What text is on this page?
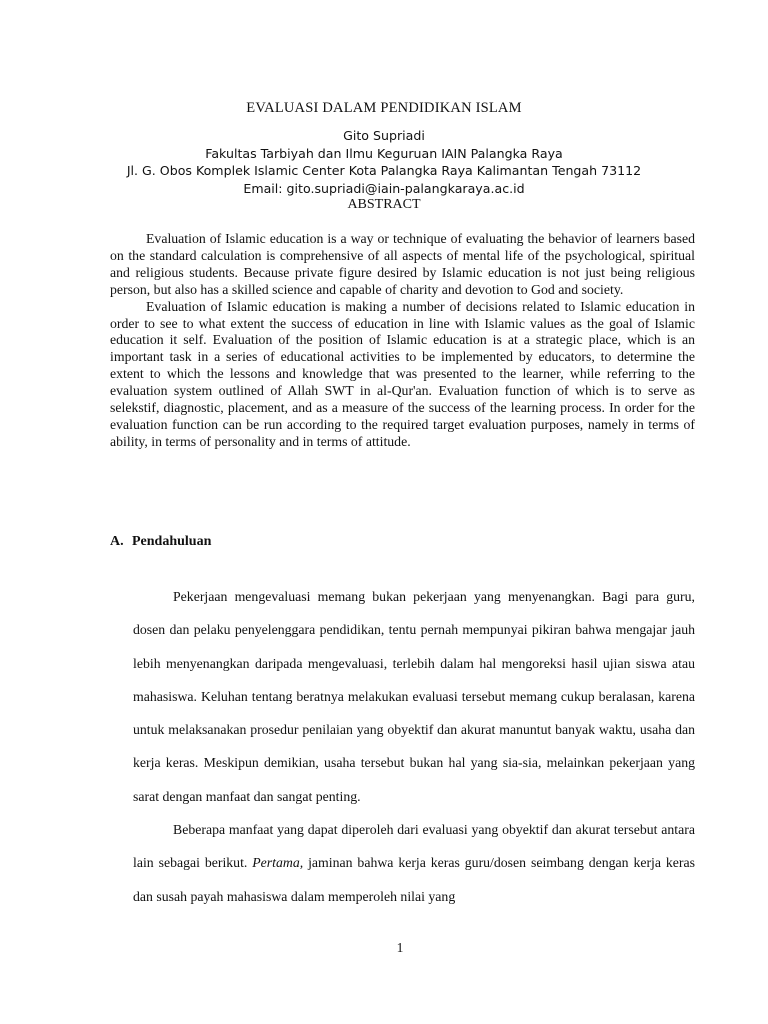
EVALUASI DALAM PENDIDIKAN ISLAM
Gito Supriadi
Fakultas Tarbiyah dan Ilmu Keguruan IAIN Palangka Raya
Jl. G. Obos Komplek Islamic Center Kota Palangka Raya Kalimantan Tengah 73112
Email: gito.supriadi@iain-palangkaraya.ac.id
ABSTRACT

Evaluation of Islamic education is a way or technique of evaluating the behavior of learners based on the standard calculation is comprehensive of all aspects of mental life of the psychological, spiritual and religious students. Because private figure desired by Islamic education is not just being religious person, but also has a skilled science and capable of charity and devotion to God and society.

Evaluation of Islamic education is making a number of decisions related to Islamic education in order to see to what extent the success of education in line with Islamic values as the goal of Islamic education it self. Evaluation of the position of Islamic education is at a strategic place, which is an important task in a series of educational activities to be implemented by educators, to determine the extent to which the lessons and knowledge that was presented to the learner, while referring to the evaluation system outlined of Allah SWT in al-Qur'an. Evaluation function of which is to serve as selekstif, diagnostic, placement, and as a measure of the success of the learning process. In order for the evaluation function can be run according to the required target evaluation purposes, namely in terms of ability, in terms of personality and in terms of attitude.

A. Pendahuluan

Pekerjaan mengevaluasi memang bukan pekerjaan yang menyenangkan. Bagi para guru, dosen dan pelaku penyelenggara pendidikan, tentu pernah mempunyai pikiran bahwa mengajar jauh lebih menyenangkan daripada mengevaluasi, terlebih dalam hal mengoreksi hasil ujian siswa atau mahasiswa. Keluhan tentang beratnya melakukan evaluasi tersebut memang cukup beralasan, karena untuk melaksanakan prosedur penilaian yang obyektif dan akurat manuntut banyak waktu, usaha dan kerja keras. Meskipun demikian, usaha tersebut bukan hal yang sia-sia, melainkan pekerjaan yang sarat dengan manfaat dan sangat penting.

Beberapa manfaat yang dapat diperoleh dari evaluasi yang obyektif dan akurat tersebut antara lain sebagai berikut. Pertama, jaminan bahwa kerja keras guru/dosen seimbang dengan kerja keras dan susah payah mahasiswa dalam memperoleh nilai yang

1
